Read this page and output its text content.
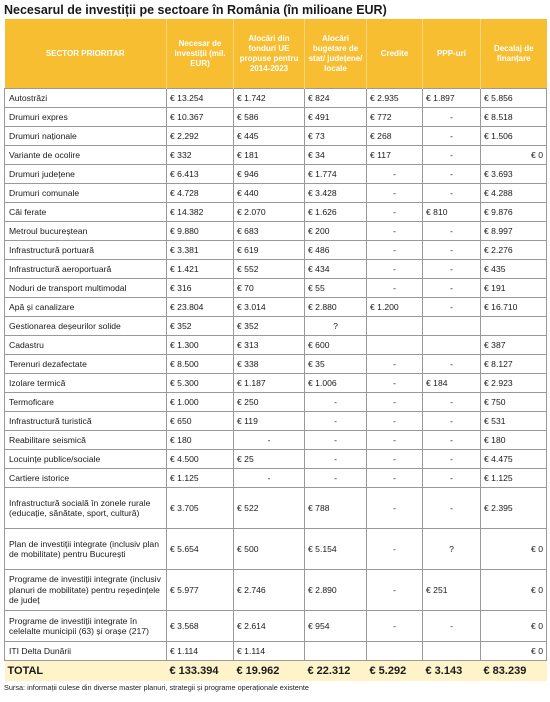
Necesarul de investiții pe sectoare în România (în milioane EUR)
SECTOR PRIORITAR	Necesar de investiții (mil. EUR)	Alocări din fonduri UE propuse pentru 2014-2023	Alocări bugetare de stat/ județene/ locale	Credite	PPP-uri	Decalaj de finanțare
Autostrăzi	€ 13.254	€ 1.742	€ 824	€ 2.935	€ 1.897	€ 5.856
Drumuri expres	€ 10.367	€ 586	€ 491	€ 772	-	€ 8.518
Drumuri naționale	€ 2.292	€ 445	€ 73	€ 268	-	€ 1.506
Variante de ocolire	€ 332	€ 181	€ 34	€ 117	-	€ 0
Drumuri județene	€ 6.413	€ 946	€ 1.774	-	-	€ 3.693
Drumuri comunale	€ 4.728	€ 440	€ 3.428	-	-	€ 4.288
Căi ferate	€ 14.382	€ 2.070	€ 1.626	-	€ 810	€ 9.876
Metroul bucureștean	€ 9.880	€ 683	€ 200	-	-	€ 8.997
Infrastructură portuară	€ 3.381	€ 619	€ 486	-	-	€ 2.276
Infrastructură aeroportuară	€ 1.421	€ 552	€ 434	-	-	€ 435
Noduri de transport multimodal	€ 316	€ 70	€ 55	-	-	€ 191
Apă și canalizare	€ 23.804	€ 3.014	€ 2.880	€ 1.200	-	€ 16.710
Gestionarea deșeurilor solide	€ 352	€ 352	?			
Cadastru	€ 1.300	€ 313	€ 600			€ 387
Terenuri dezafectate	€ 8.500	€ 338	€ 35	-	-	€ 8.127
Izolare termică	€ 5.300	€ 1.187	€ 1.006	-	€ 184	€ 2.923
Termoficare	€ 1.000	€ 250	-	-	-	€ 750
Infrastructură turistică	€ 650	€ 119	-	-	-	€ 531
Reabilitare seismică	€ 180	-	-	-	-	€ 180
Locuințe publice/sociale	€ 4.500	€ 25	-	-	-	€ 4.475
Cartiere istorice	€ 1.125	-	-	-	-	€ 1.125
Infrastructură socială în zonele rurale (educație, sănătate, sport, cultură)	€ 3.705	€ 522	€ 788	-	-	€ 2.395
Plan de investiții integrate (inclusiv plan de mobilitate) pentru București	€ 5.654	€ 500	€ 5.154	-	?	€ 0
Programe de investiții integrate (inclusiv planuri de mobilitate) pentru reședințele de județ	€ 5.977	€ 2.746	€ 2.890	-	€ 251	€ 0
Programe de investiții integrate în celelalte municipii (63) și orașe (217)	€ 3.568	€ 2.614	€ 954	-	-	€ 0
ITI Delta Dunării	€ 1.114	€ 1.114				€ 0
TOTAL	€ 133.394	€ 19.962	€ 22.312	€ 5.292	€ 3.143	€ 83.239
Sursa: informații culese din diverse master planuri, strategii și programe operaționale existente
